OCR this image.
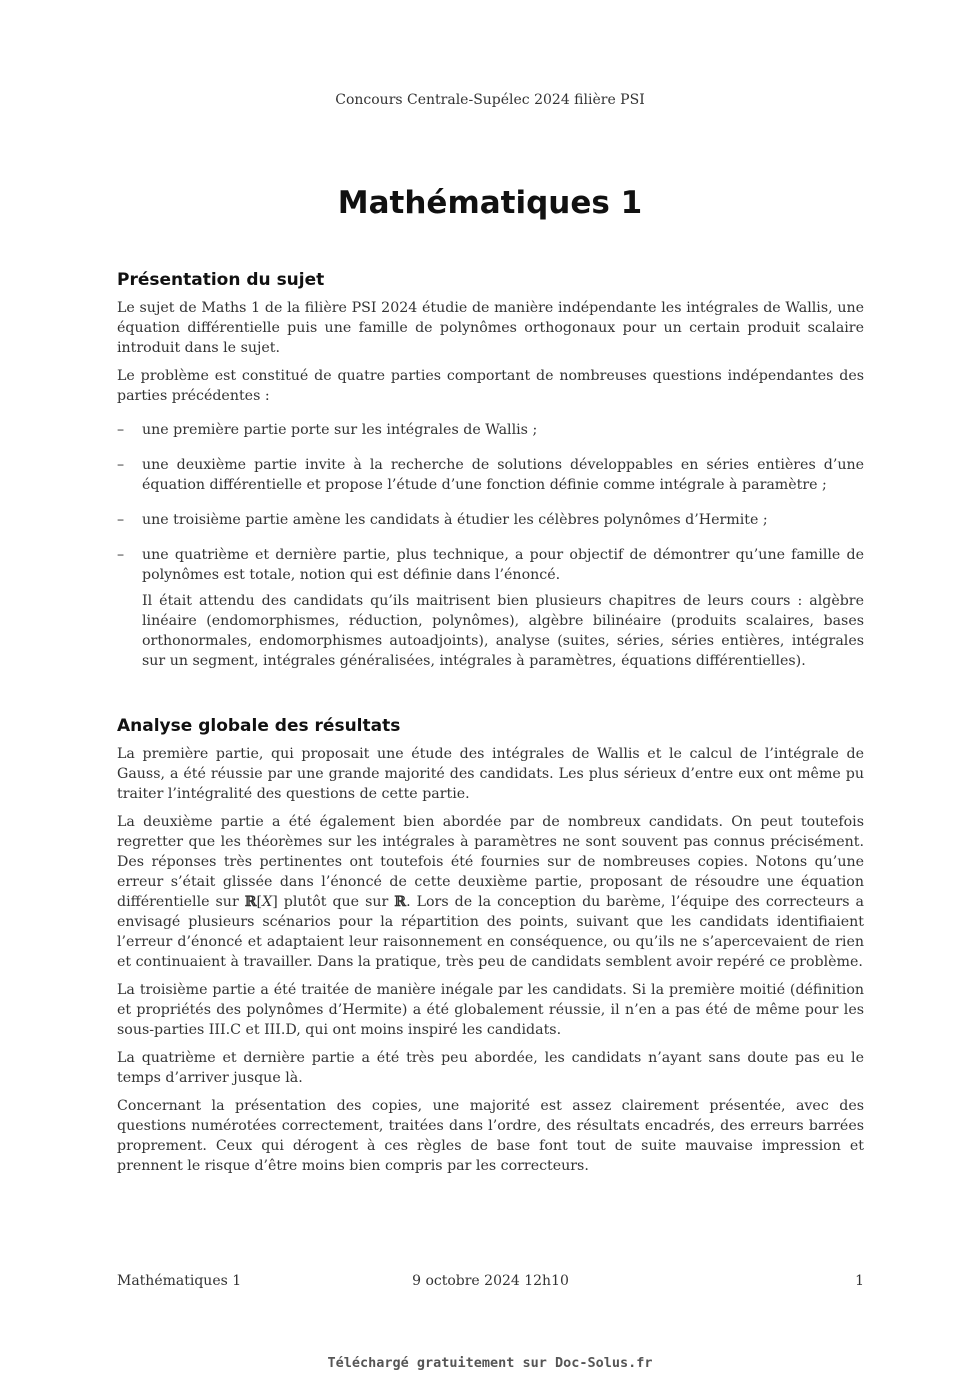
Concours Centrale-Supélec 2024 filière PSI
Mathématiques 1
Présentation du sujet

Le sujet de Maths 1 de la filière PSI 2024 étudie de manière indépendante les intégrales de Wallis, une équation différentielle puis une famille de polynômes orthogonaux pour un certain produit scalaire introduit dans le sujet.

Le problème est constitué de quatre parties comportant de nombreuses questions indépendantes des parties précédentes :

– une première partie porte sur les intégrales de Wallis ;
– une deuxième partie invite à la recherche de solutions développables en séries entières d’une équation différentielle et propose l’étude d’une fonction définie comme intégrale à paramètre ;
– une troisième partie amène les candidats à étudier les célèbres polynômes d’Hermite ;
– une quatrième et dernière partie, plus technique, a pour objectif de démontrer qu’une famille de polynômes est totale, notion qui est définie dans l’énoncé.

Il était attendu des candidats qu’ils maitrisent bien plusieurs chapitres de leurs cours : algèbre linéaire (endomorphismes, réduction, polynômes), algèbre bilinéaire (produits scalaires, bases orthonormales, endomorphismes autoadjoints), analyse (suites, séries, séries entières, intégrales sur un segment, intégrales généralisées, intégrales à paramètres, équations différentielles).

Analyse globale des résultats

La première partie, qui proposait une étude des intégrales de Wallis et le calcul de l’intégrale de Gauss, a été réussie par une grande majorité des candidats. Les plus sérieux d’entre eux ont même pu traiter l’intégralité des questions de cette partie.

La deuxième partie a été également bien abordée par de nombreux candidats. On peut toutefois regretter que les théorèmes sur les intégrales à paramètres ne sont souvent pas connus précisément. Des réponses très pertinentes ont toutefois été fournies sur de nombreuses copies. Notons qu’une erreur s’était glissée dans l’énoncé de cette deuxième partie, proposant de résoudre une équation différentielle sur ℝ[X] plutôt que sur ℝ. Lors de la conception du barème, l’équipe des correcteurs a envisagé plusieurs scénarios pour la répartition des points, suivant que les candidats identifiaient l’erreur d’énoncé et adaptaient leur raisonnement en conséquence, ou qu’ils ne s’apercevaient de rien et continuaient à travailler. Dans la pratique, très peu de candidats semblent avoir repéré ce problème.

La troisième partie a été traitée de manière inégale par les candidats. Si la première moitié (définition et propriétés des polynômes d’Hermite) a été globalement réussie, il n’en a pas été de même pour les sous-parties III.C et III.D, qui ont moins inspiré les candidats.

La quatrième et dernière partie a été très peu abordée, les candidats n’ayant sans doute pas eu le temps d’arriver jusque là.

Concernant la présentation des copies, une majorité est assez clairement présentée, avec des questions numérotées correctement, traitées dans l’ordre, des résultats encadrés, des erreurs barrées proprement. Ceux qui dérogent à ces règles de base font tout de suite mauvaise impression et prennent le risque d’être moins bien compris par les correcteurs.

Mathématiques 1	9 octobre 2024 12h10	1
Téléchargé gratuitement sur Doc-Solus.fr
